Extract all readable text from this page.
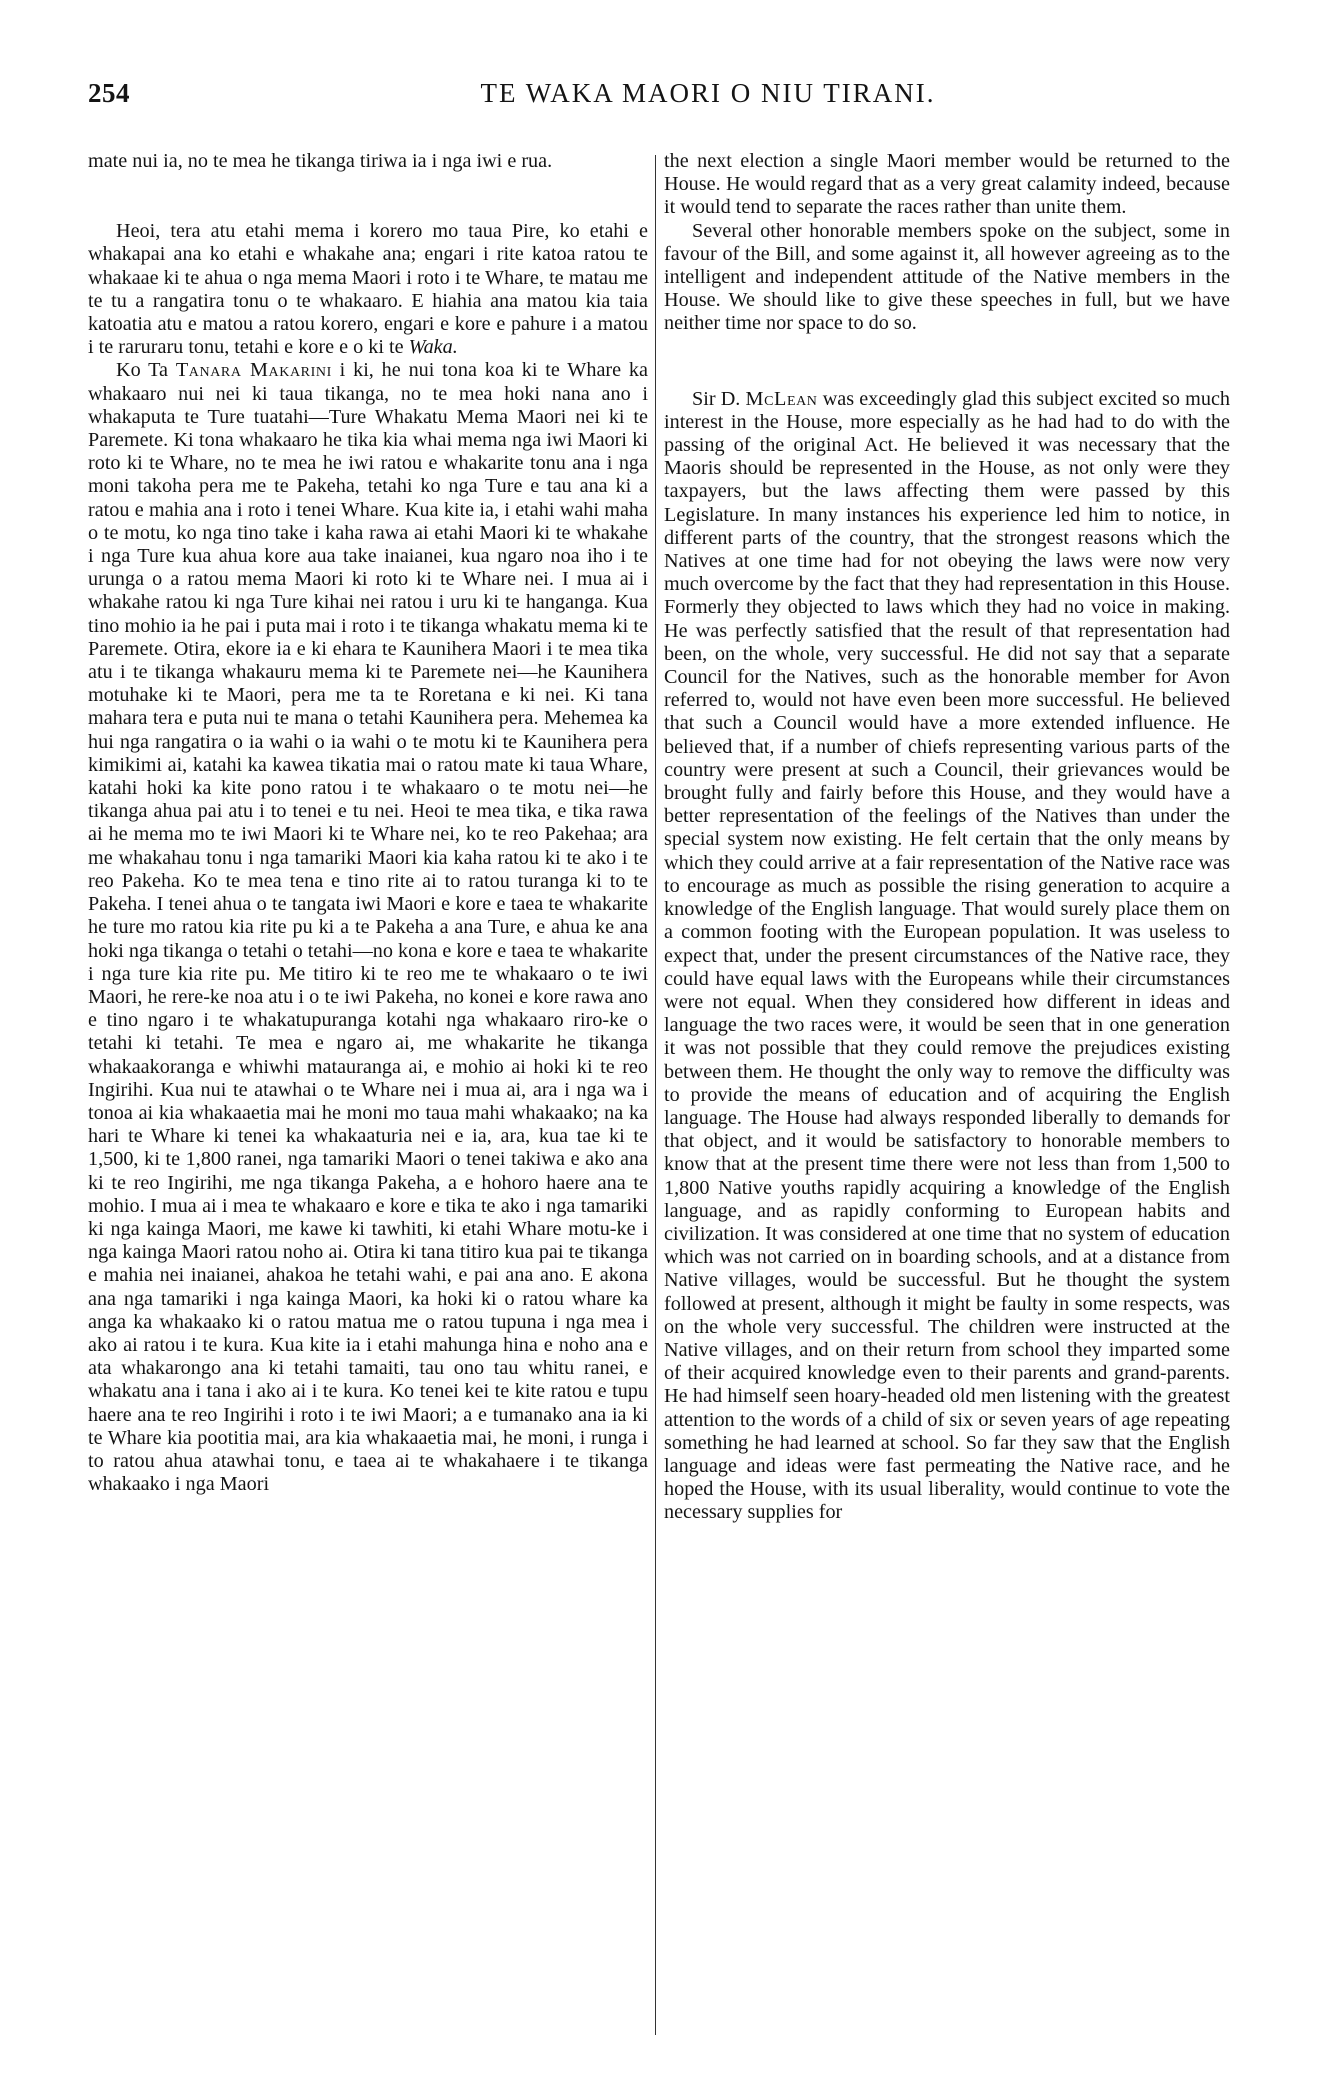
254	TE WAKA MAORI O NIU TIRANI.

mate nui ia, no te mea he tikanga tiriwa ia i nga iwi e rua.

Heoi, tera atu etahi mema i korero mo taua Pire, ko etahi e whakapai ana ko etahi e whakahe ana; engari i rite katoa ratou te whakaae ki te ahua o nga mema Maori i roto i te Whare, te matau me te tu a rangatira tonu o te whakaaro. E hiahia ana matou kia taia katoatia atu e matou a ratou korero, engari e kore e pahure i a matou i te raruraru tonu, tetahi e kore e o ki te Waka.

Ko Ta Tanara Makarini i ki, he nui tona koa ki te Whare ka whakaaro nui nei ki taua tikanga, no te mea hoki nana ano i whakaputa te Ture tuatahi—Ture Whakatu Mema Maori nei ki te Paremete. Ki tona whakaaro he tika kia whai mema nga iwi Maori ki roto ki te Whare, no te mea he iwi ratou e whakarite tonu ana i nga moni takoha pera me te Pakeha, tetahi ko nga Ture e tau ana ki a ratou e mahia ana i roto i tenei Whare. Kua kite ia, i etahi wahi maha o te motu, ko nga tino take i kaha rawa ai etahi Maori ki te whakahe i nga Ture kua ahua kore aua take inaianei, kua ngaro noa iho i te urunga o a ratou mema Maori ki roto ki te Whare nei. I mua ai i whakahe ratou ki nga Ture kihai nei ratou i uru ki te hanganga. Kua tino mohio ia he pai i puta mai i roto i te tikanga whakatu mema ki te Paremete. Otira, ekore ia e ki ehara te Kaunihera Maori i te mea tika atu i te tikanga whakauru mema ki te Paremete nei—he Kaunihera motuhake ki te Maori, pera me ta te Roretana e ki nei. Ki tana mahara tera e puta nui te mana o tetahi Kaunihera pera. Mehemea ka hui nga rangatira o ia wahi o ia wahi o te motu ki te Kaunihera pera kimikimi ai, katahi ka kawea tikatia mai o ratou mate ki taua Whare, katahi hoki ka kite pono ratou i te whakaaro o te motu nei—he tikanga ahua pai atu i to tenei e tu nei. Heoi te mea tika, e tika rawa ai he mema mo te iwi Maori ki te Whare nei, ko te reo Pakehaa; ara me whakahau tonu i nga tamariki Maori kia kaha ratou ki te ako i te reo Pakeha. Ko te mea tena e tino rite ai to ratou turanga ki to te Pakeha. I tenei ahua o te tangata iwi Maori e kore e taea te whakarite he ture mo ratou kia rite pu ki a te Pakeha a ana Ture, e ahua ke ana hoki nga tikanga o tetahi o tetahi—no kona e kore e taea te whakarite i nga ture kia rite pu. Me titiro ki te reo me te whakaaro o te iwi Maori, he rere-ke noa atu i o te iwi Pakeha, no konei e kore rawa ano e tino ngaro i te whakatupuranga kotahi nga whakaaro riro-ke o tetahi ki tetahi. Te mea e ngaro ai, me whakarite he tikanga whakaakoranga e whiwhi matauranga ai, e mohio ai hoki ki te reo Ingirihi. Kua nui te atawhai o te Whare nei i mua ai, ara i nga wa i tonoa ai kia whakaaetia mai he moni mo taua mahi whakaako; na ka hari te Whare ki tenei ka whakaaturia nei e ia, ara, kua tae ki te 1,500, ki te 1,800 ranei, nga tamariki Maori o tenei takiwa e ako ana ki te reo Ingirihi, me nga tikanga Pakeha, a e hohoro haere ana te mohio. I mua ai i mea te whakaaro e kore e tika te ako i nga tamariki ki nga kainga Maori, me kawe ki tawhiti, ki etahi Whare motu-ke i nga kainga Maori ratou noho ai. Otira ki tana titiro kua pai te tikanga e mahia nei inaianei, ahakoa he tetahi wahi, e pai ana ano. E akona ana nga tamariki i nga kainga Maori, ka hoki ki o ratou whare ka anga ka whakaako ki o ratou matua me o ratou tupuna i nga mea i ako ai ratou i te kura. Kua kite ia i etahi mahunga hina e noho ana e ata whakarongo ana ki tetahi tamaiti, tau ono tau whitu ranei, e whakatu ana i tana i ako ai i te kura. Ko tenei kei te kite ratou e tupu haere ana te reo Ingirihi i roto i te iwi Maori; a e tumanako ana ia ki te Whare kia pootitia mai, ara kia whakaaetia mai, he moni, i runga i to ratou ahua atawhai tonu, e taea ai te whakahaere i te tikanga whakaako i nga Maori

the next election a single Maori member would be returned to the House. He would regard that as a very great calamity indeed, because it would tend to separate the races rather than unite them.

Several other honorable members spoke on the subject, some in favour of the Bill, and some against it, all however agreeing as to the intelligent and independent attitude of the Native members in the House. We should like to give these speeches in full, but we have neither time nor space to do so.

Sir D. McLean was exceedingly glad this subject excited so much interest in the House, more especially as he had had to do with the passing of the original Act. He believed it was necessary that the Maoris should be represented in the House, as not only were they taxpayers, but the laws affecting them were passed by this Legislature. In many instances his experience led him to notice, in different parts of the country, that the strongest reasons which the Natives at one time had for not obeying the laws were now very much overcome by the fact that they had representation in this House. Formerly they objected to laws which they had no voice in making. He was perfectly satisfied that the result of that representation had been, on the whole, very successful. He did not say that a separate Council for the Natives, such as the honorable member for Avon referred to, would not have even been more successful. He believed that such a Council would have a more extended influence. He believed that, if a number of chiefs representing various parts of the country were present at such a Council, their grievances would be brought fully and fairly before this House, and they would have a better representation of the feelings of the Natives than under the special system now existing. He felt certain that the only means by which they could arrive at a fair representation of the Native race was to encourage as much as possible the rising generation to acquire a knowledge of the English language. That would surely place them on a common footing with the European population. It was useless to expect that, under the present circumstances of the Native race, they could have equal laws with the Europeans while their circumstances were not equal. When they considered how different in ideas and language the two races were, it would be seen that in one generation it was not possible that they could remove the prejudices existing between them. He thought the only way to remove the difficulty was to provide the means of education and of acquiring the English language. The House had always responded liberally to demands for that object, and it would be satisfactory to honorable members to know that at the present time there were not less than from 1,500 to 1,800 Native youths rapidly acquiring a knowledge of the English language, and as rapidly conforming to European habits and civilization. It was considered at one time that no system of education which was not carried on in boarding schools, and at a distance from Native villages, would be successful. But he thought the system followed at present, although it might be faulty in some respects, was on the whole very successful. The children were instructed at the Native villages, and on their return from school they imparted some of their acquired knowledge even to their parents and grand-parents. He had himself seen hoary-headed old men listening with the greatest attention to the words of a child of six or seven years of age repeating something he had learned at school. So far they saw that the English language and ideas were fast permeating the Native race, and he hoped the House, with its usual liberality, would continue to vote the necessary supplies for
